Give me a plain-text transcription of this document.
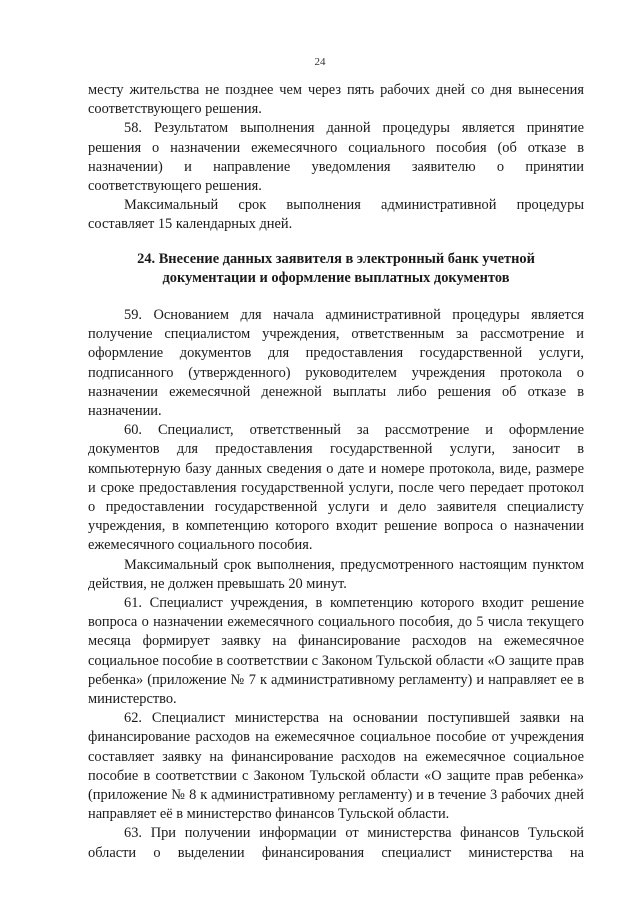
24

месту жительства не позднее чем через пять рабочих дней со дня вынесения соответствующего решения.

58. Результатом выполнения данной процедуры является принятие решения о назначении ежемесячного социального пособия (об отказе в назначении) и направление уведомления заявителю о принятии соответствующего решения.

Максимальный срок выполнения административной процедуры составляет 15 календарных дней.

24. Внесение данных заявителя в электронный банк учетной
документации и оформление выплатных документов

59. Основанием для начала административной процедуры является получение специалистом учреждения, ответственным за рассмотрение и оформление документов для предоставления государственной услуги, подписанного (утвержденного) руководителем учреждения протокола о назначении ежемесячной денежной выплаты либо решения об отказе в назначении.

60. Специалист, ответственный за рассмотрение и оформление документов для предоставления государственной услуги, заносит в компьютерную базу данных сведения о дате и номере протокола, виде, размере и сроке предоставления государственной услуги, после чего передает протокол о предоставлении государственной услуги и дело заявителя специалисту учреждения, в компетенцию которого входит решение вопроса о назначении ежемесячного социального пособия.

Максимальный срок выполнения, предусмотренного настоящим пунктом действия, не должен превышать 20 минут.

61. Специалист учреждения, в компетенцию которого входит решение вопроса о назначении ежемесячного социального пособия, до 5 числа текущего месяца формирует заявку на финансирование расходов на ежемесячное социальное пособие в соответствии с Законом Тульской области «О защите прав ребенка» (приложение № 7 к административному регламенту) и направляет ее в министерство.

62. Специалист министерства на основании поступившей заявки на финансирование расходов на ежемесячное социальное пособие от учреждения составляет заявку на финансирование расходов на ежемесячное социальное пособие в соответствии с Законом Тульской области «О защите прав ребенка» (приложение № 8 к административному регламенту) и в течение 3 рабочих дней направляет её в министерство финансов Тульской области.

63. При получении информации от министерства финансов Тульской области о выделении финансирования специалист министерства на
